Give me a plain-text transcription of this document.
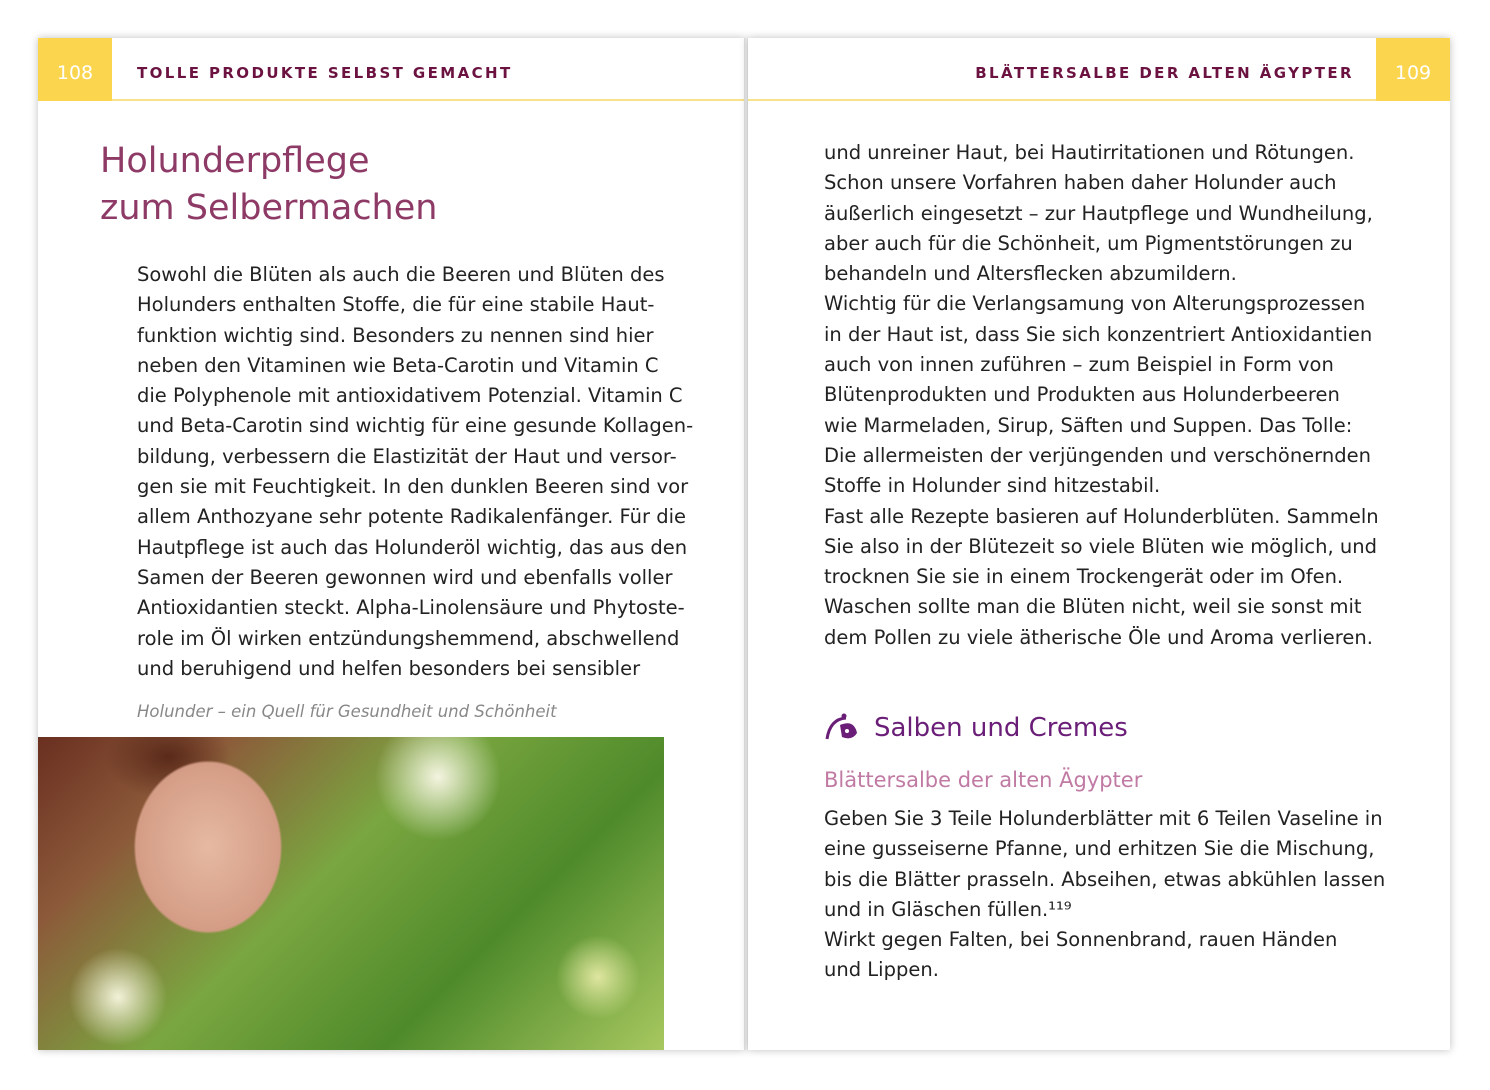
108	TOLLE PRODUKTE SELBST GEMACHT
Holunderpflege
zum Selbermachen
Sowohl die Blüten als auch die Beeren und Blüten des
Holunders enthalten Stoffe, die für eine stabile Haut-
funktion wichtig sind. Besonders zu nennen sind hier
neben den Vitaminen wie Beta-Carotin und Vitamin C
die Polyphenole mit antioxidativem Potenzial. Vitamin C
und Beta-Carotin sind wichtig für eine gesunde Kollagen-
bildung, verbessern die Elastizität der Haut und versor-
gen sie mit Feuchtigkeit. In den dunklen Beeren sind vor
allem Anthozyane sehr potente Radikalenfänger. Für die
Hautpflege ist auch das Holunderöl wichtig, das aus den
Samen der Beeren gewonnen wird und ebenfalls voller
Antioxidantien steckt. Alpha-Linolensäure und Phytoste-
role im Öl wirken entzündungshemmend, abschwellend
und beruhigend und helfen besonders bei sensibler
Holunder – ein Quell für Gesundheit und Schönheit
BLÄTTERSALBE DER ALTEN ÄGYPTER	109
und unreiner Haut, bei Hautirritationen und Rötungen.
Schon unsere Vorfahren haben daher Holunder auch
äußerlich eingesetzt – zur Hautpflege und Wundheilung,
aber auch für die Schönheit, um Pigmentstörungen zu
behandeln und Altersflecken abzumildern.
Wichtig für die Verlangsamung von Alterungsprozessen
in der Haut ist, dass Sie sich konzentriert Antioxidantien
auch von innen zuführen – zum Beispiel in Form von
Blütenprodukten und Produkten aus Holunderbeeren
wie Marmeladen, Sirup, Säften und Suppen. Das Tolle:
Die allermeisten der verjüngenden und verschönernden
Stoffe in Holunder sind hitzestabil.
Fast alle Rezepte basieren auf Holunderblüten. Sammeln
Sie also in der Blütezeit so viele Blüten wie möglich, und
trocknen Sie sie in einem Trockengerät oder im Ofen.
Waschen sollte man die Blüten nicht, weil sie sonst mit
dem Pollen zu viele ätherische Öle und Aroma verlieren.
Salben und Cremes
Blättersalbe der alten Ägypter
Geben Sie 3 Teile Holunderblätter mit 6 Teilen Vaseline in
eine gusseiserne Pfanne, und erhitzen Sie die Mischung,
bis die Blätter prasseln. Abseihen, etwas abkühlen lassen
und in Gläschen füllen.¹¹⁹
Wirkt gegen Falten, bei Sonnenbrand, rauen Händen
und Lippen.
